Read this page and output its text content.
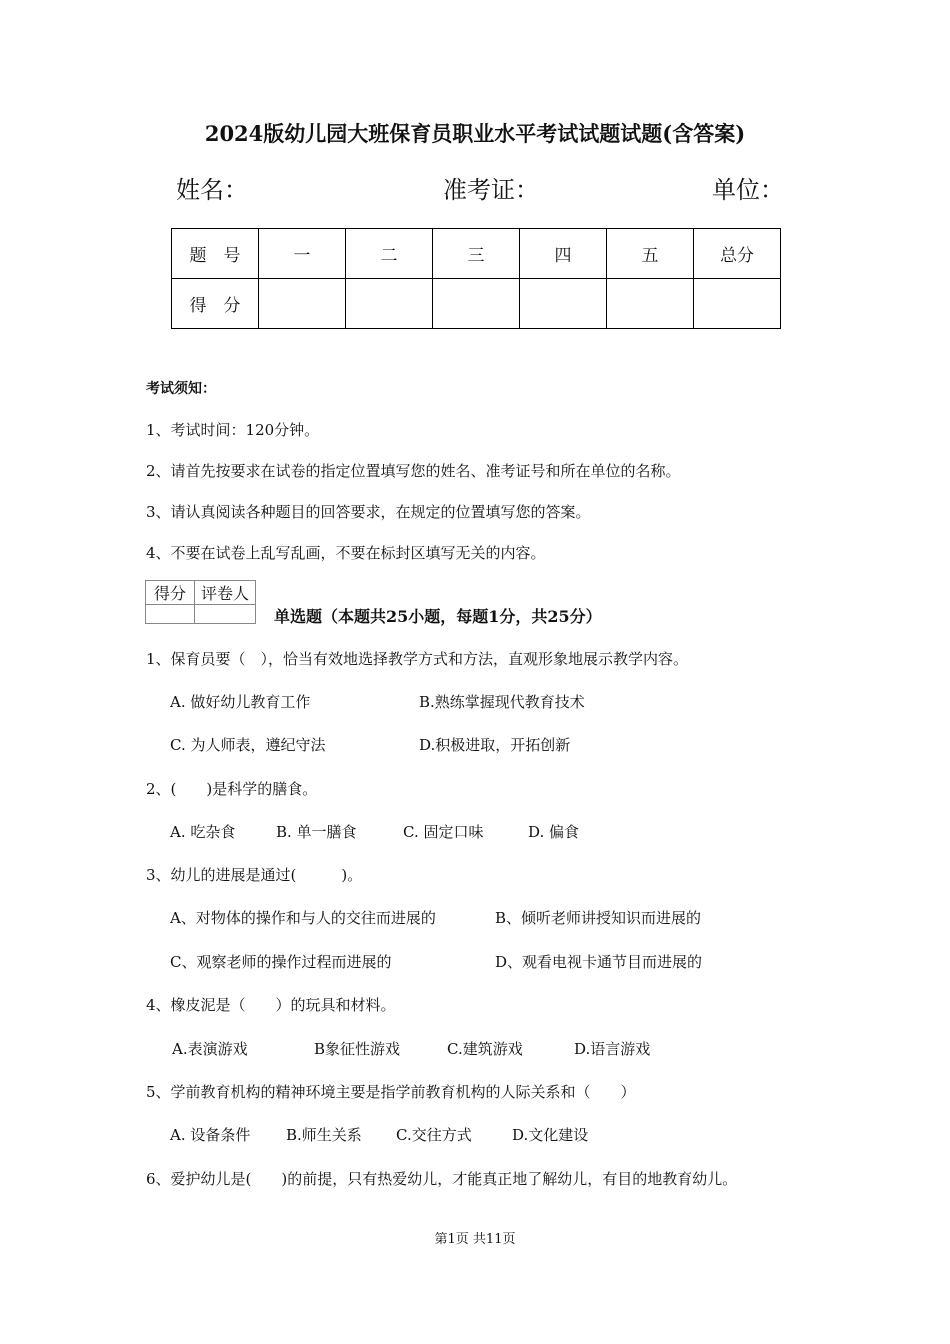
2024版幼儿园大班保育员职业水平考试试题试题(含答案)
姓名：	准考证：	单位：
题　号	一	二	三	四	五	总分
得　分						
考试须知：
1、考试时间：120分钟。
2、请首先按要求在试卷的指定位置填写您的姓名、准考证号和所在单位的名称。
3、请认真阅读各种题目的回答要求，在规定的位置填写您的答案。
4、不要在试卷上乱写乱画，不要在标封区填写无关的内容。
得分	评卷人

单选题（本题共25小题，每题1分，共25分）
1、保育员要（　），恰当有效地选择教学方式和方法，直观形象地展示教学内容。
A. 做好幼儿教育工作	B.熟练掌握现代教育技术
C. 为人师表，遵纪守法	D.积极进取，开拓创新
2、(　　)是科学的膳食。
A. 吃杂食	B. 单一膳食	C. 固定口味	D. 偏食
3、幼儿的进展是通过(　　　)。
A、对物体的操作和与人的交往而进展的	B、倾听老师讲授知识而进展的
C、观察老师的操作过程而进展的	D、观看电视卡通节目而进展的
4、橡皮泥是（　　）的玩具和材料。
A.表演游戏	B象征性游戏	C.建筑游戏	D.语言游戏
5、学前教育机构的精神环境主要是指学前教育机构的人际关系和（　　）
A. 设备条件 B.师生关系 C.交往方式	D.文化建设
6、爱护幼儿是(　　)的前提，只有热爱幼儿，才能真正地了解幼儿，有目的地教育幼儿。
第1页 共11页
